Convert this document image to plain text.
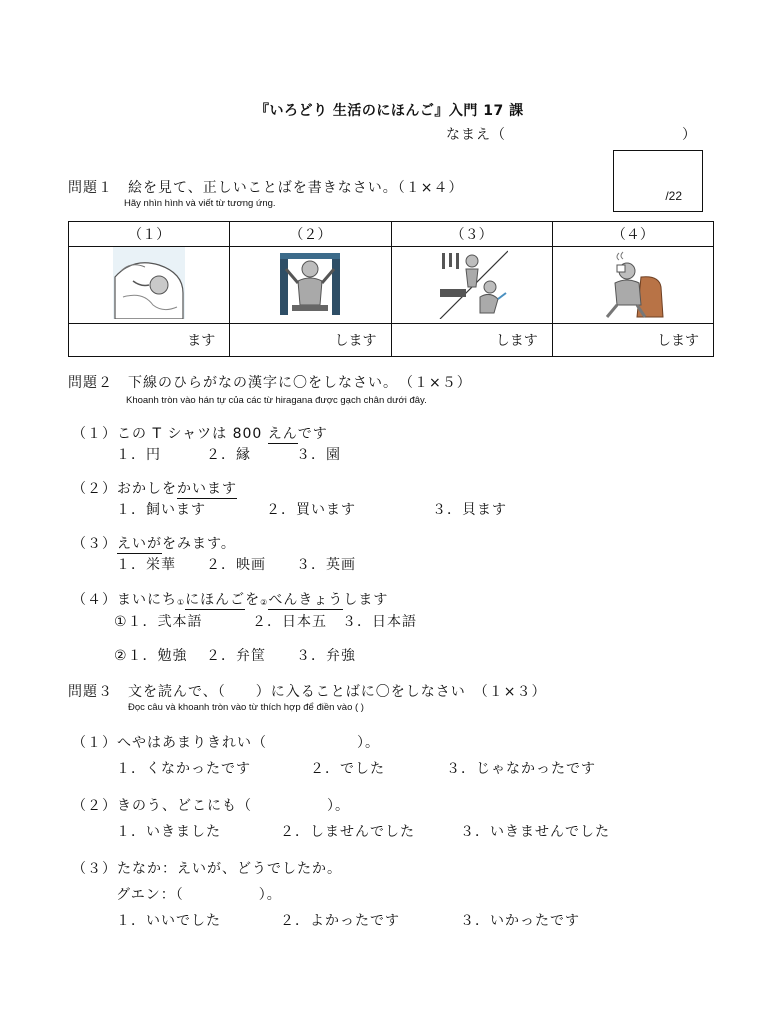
『いろどり 生活のにほんご』入門 17 課
なまえ（	）
/22
問題１　絵を見て、正しいことばを書きなさい。（１×４）
Hãy nhìn hình và viết từ tương ứng.
（１）	（２）	（３）	（４）

ます	します	します	します
問題２　下線のひらがなの漢字に〇をしなさい。　（１×５）
Khoanh tròn vào hán tự của các từ hiragana được gạch chân dưới đây.
（１）この T シャツは 800 えんです
１．円	２．縁	３．園
（２）おかしをかいます
１．飼います	２．買います	３．貝ます
（３）えいがをみます。
１．栄華 ２．映画 ３．英画
（４）まいにち①にほんごを②べんきょうします
①１．弐本語	２．日本五 ３．日本語
②１．勉強 ２．弁筐 ３．弁強
問題３　文を読んで、（　　）に入ることばに〇をしなさい　（１×３）
Đọc câu và khoanh tròn vào từ thích hợp để điền vào ( )
（１）へやはあまりきれい（　　　　　　）。
１．くなかったです	２．でした	３．じゃなかったです
（２）きのう、どこにも（　　　　　）。
１．いきました	２．しませんでした	３．いきませんでした
（３）たなか：えいが、どうでしたか。
グエン：（　　　　　）。
１．いいでした	２．よかったです	３．いかったです
